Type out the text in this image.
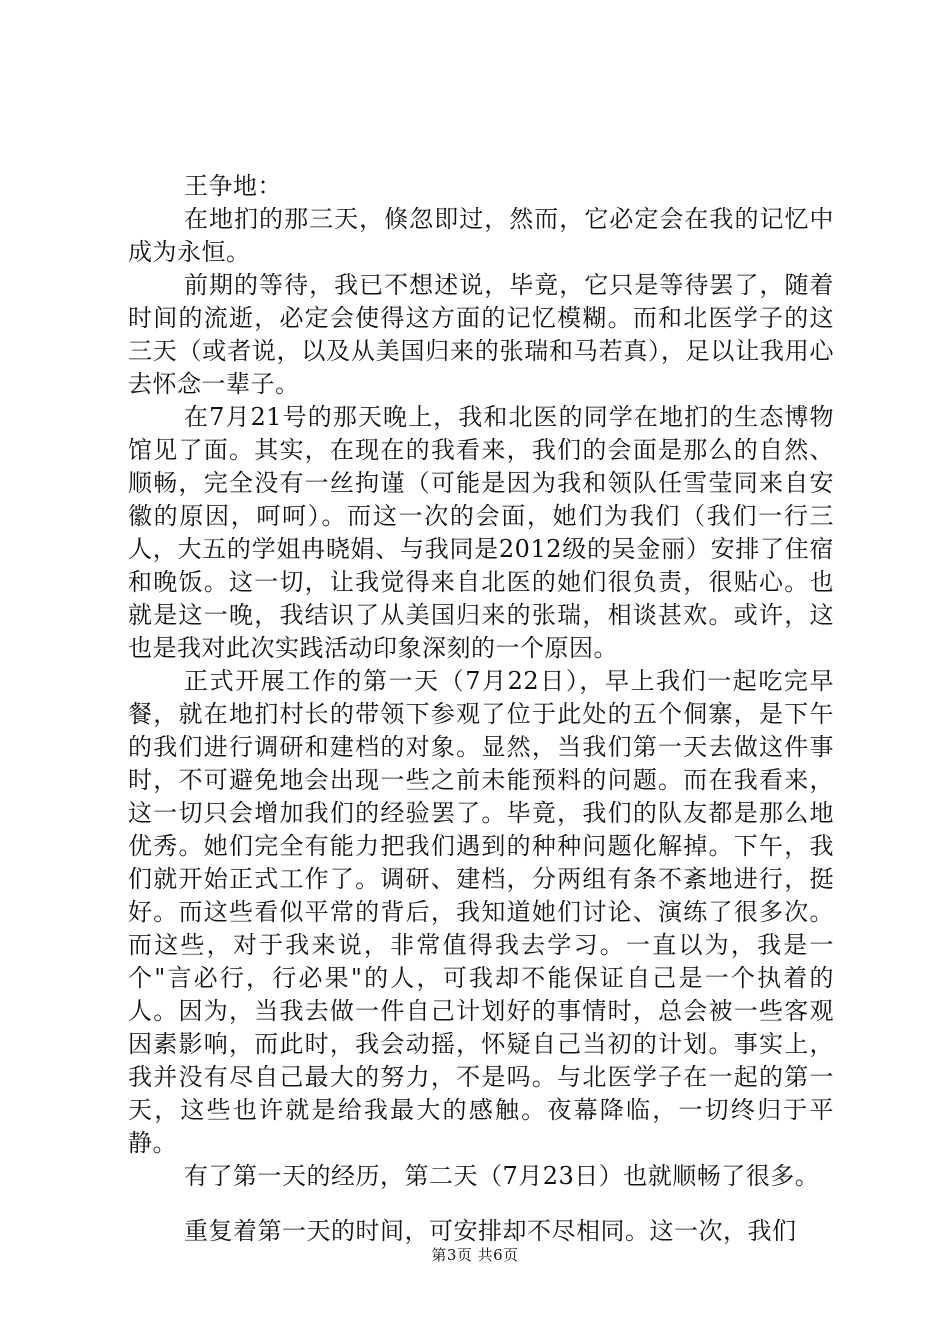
王争地：

在地扪的那三天，倏忽即过，然而，它必定会在我的记忆中成为永恒。

前期的等待，我已不想述说，毕竟，它只是等待罢了，随着时间的流逝，必定会使得这方面的记忆模糊。而和北医学子的这三天（或者说，以及从美国归来的张瑞和马若真），足以让我用心去怀念一辈子。

在7月21号的那天晚上，我和北医的同学在地扪的生态博物馆见了面。其实，在现在的我看来，我们的会面是那么的自然、顺畅，完全没有一丝拘谨（可能是因为我和领队任雪莹同来自安徽的原因，呵呵）。而这一次的会面，她们为我们（我们一行三人，大五的学姐冉晓娟、与我同是2012级的吴金丽）安排了住宿和晚饭。这一切，让我觉得来自北医的她们很负责，很贴心。也就是这一晚，我结识了从美国归来的张瑞，相谈甚欢。或许，这也是我对此次实践活动印象深刻的一个原因。

正式开展工作的第一天（7月22日），早上我们一起吃完早餐，就在地扪村长的带领下参观了位于此处的五个侗寨，是下午的我们进行调研和建档的对象。显然，当我们第一天去做这件事时，不可避免地会出现一些之前未能预料的问题。而在我看来，这一切只会增加我们的经验罢了。毕竟，我们的队友都是那么地优秀。她们完全有能力把我们遇到的种种问题化解掉。下午，我们就开始正式工作了。调研、建档，分两组有条不紊地进行，挺好。而这些看似平常的背后，我知道她们讨论、演练了很多次。而这些，对于我来说，非常值得我去学习。一直以为，我是一个"言必行，行必果"的人，可我却不能保证自己是一个执着的人。因为，当我去做一件自己计划好的事情时，总会被一些客观因素影响，而此时，我会动摇，怀疑自己当初的计划。事实上，我并没有尽自己最大的努力，不是吗。与北医学子在一起的第一天，这些也许就是给我最大的感触。夜幕降临，一切终归于平静。

有了第一天的经历，第二天（7月23日）也就顺畅了很多。

重复着第一天的时间，可安排却不尽相同。这一次，我们

第3页 共6页
